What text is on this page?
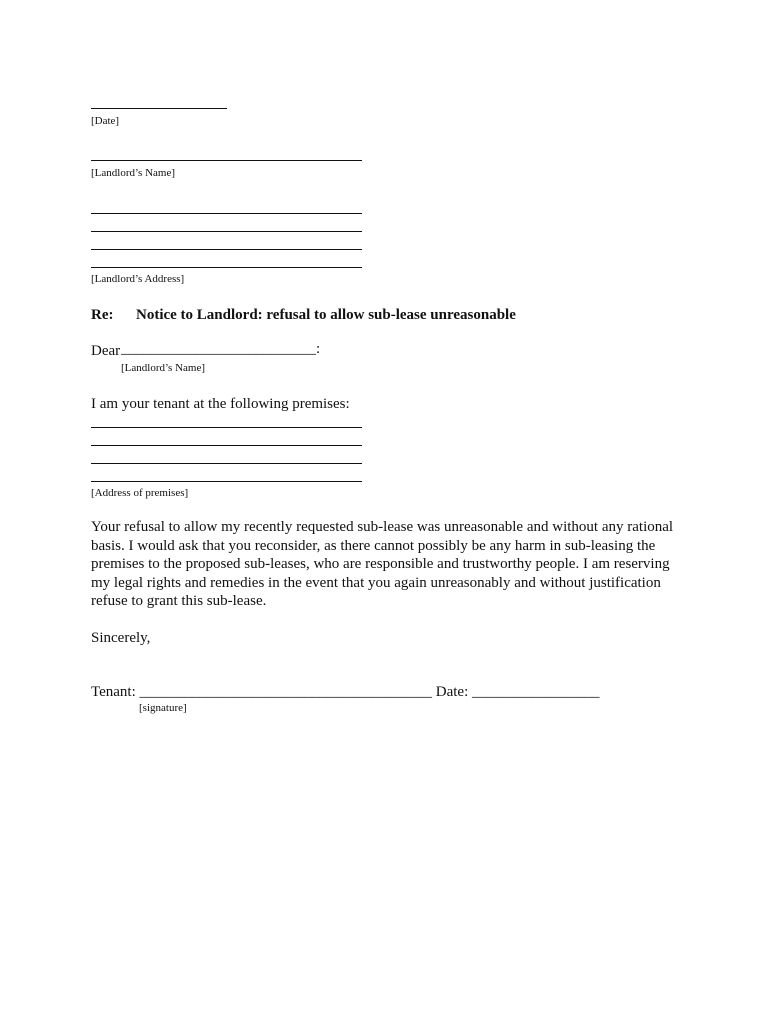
[Date]
[Landlord’s Name]
[Landlord’s Address]
Re: Notice to Landlord: refusal to allow sub-lease unreasonable
Dear __________________________:
[Landlord’s Name]
I am your tenant at the following premises:
[Address of premises]
Your refusal to allow my recently requested sub-lease was unreasonable and without any rational
basis. I would ask that you reconsider, as there cannot possibly be any harm in sub-leasing the
premises to the proposed sub-leases, who are responsible and trustworthy people. I am reserving
my legal rights and remedies in the event that you again unreasonably and without justification
refuse to grant this sub-lease.
Sincerely,
Tenant: _______________________________________ Date: _________________
[signature]
